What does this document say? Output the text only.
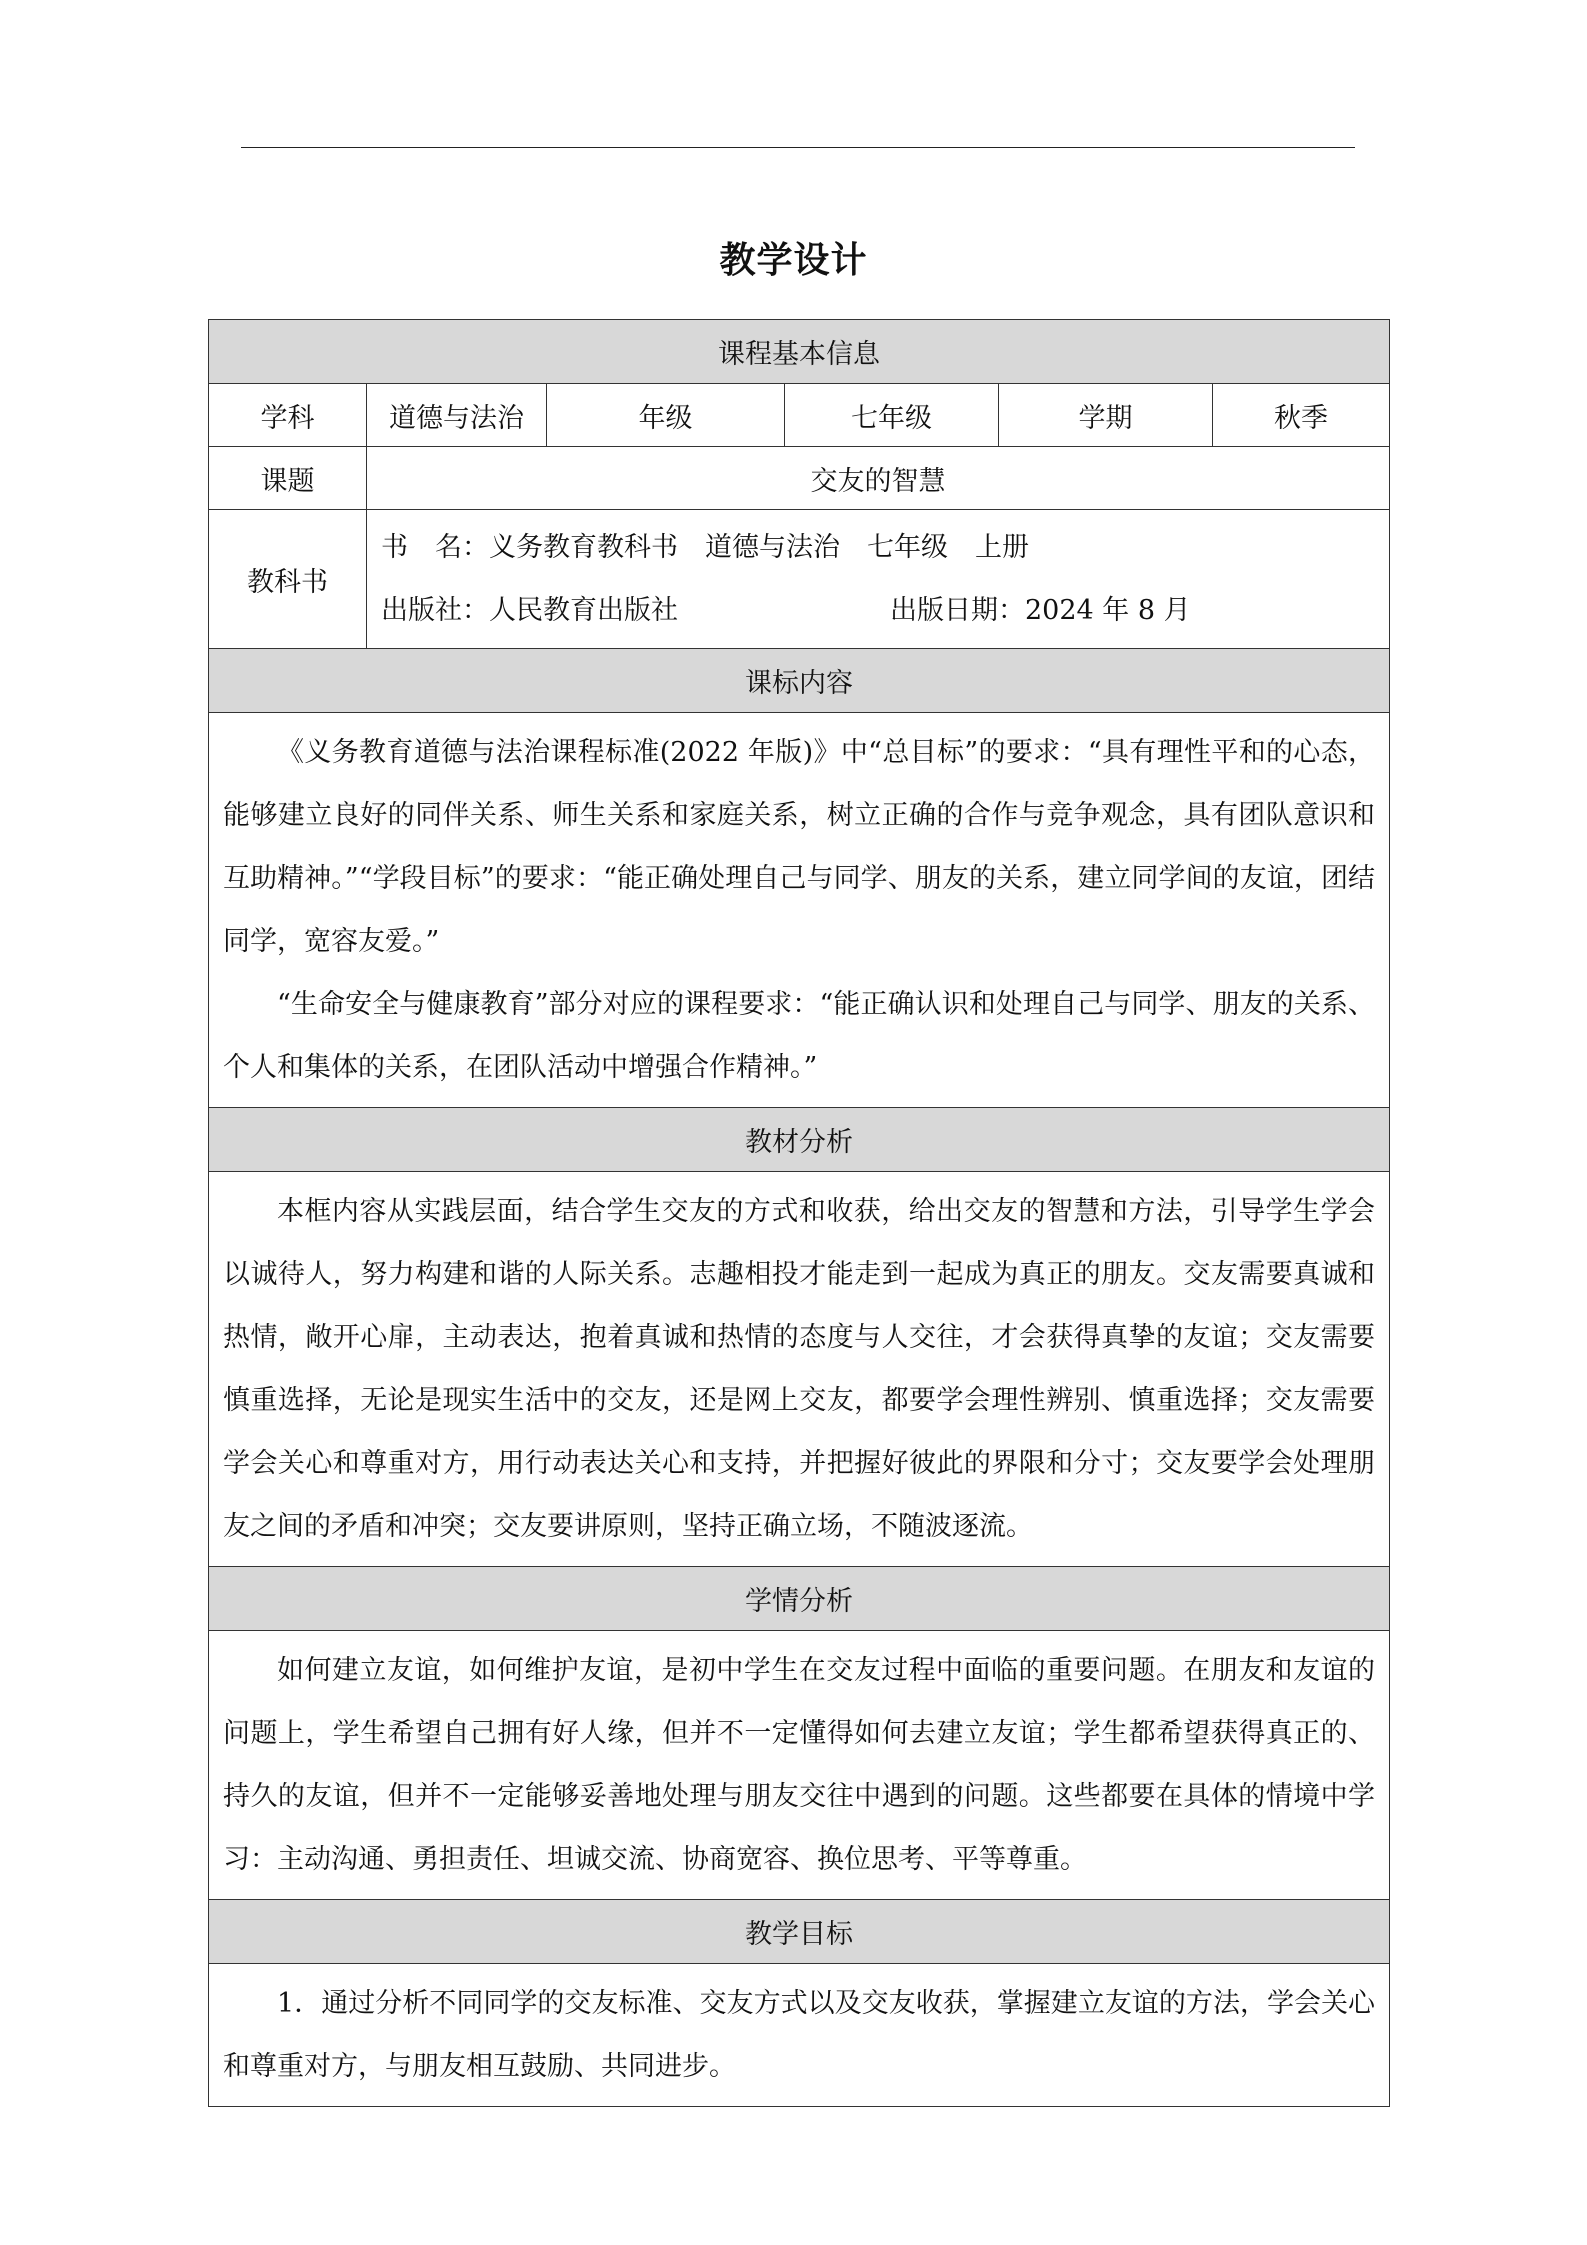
教学设计
课程基本信息					
学科	道德与法治	年级	七年级	学期	秋季
课题	交友的智慧				
教科书	书　名：义务教育教科书　道德与法治　七年级　上册
出版社：人民教育出版社 出版日期：2024 年 8 月				

课标内容					

《义务教育道德与法治课程标准(2022 年版)》中“总目标”的要求：“具有理性平和的心态，能够建立良好的同伴关系、师生关系和家庭关系，树立正确的合作与竞争观念，具有团队意识和互助精神。”“学段目标”的要求：“能正确处理自己与同学、朋友的关系，建立同学间的友谊，团结同学，宽容友爱。”

“生命安全与健康教育”部分对应的课程要求：“能正确认识和处理自己与同学、朋友的关系、个人和集体的关系，在团队活动中增强合作精神。”					

教材分析					

本框内容从实践层面，结合学生交友的方式和收获，给出交友的智慧和方法，引导学生学会以诚待人，努力构建和谐的人际关系。志趣相投才能走到一起成为真正的朋友。交友需要真诚和热情，敞开心扉，主动表达，抱着真诚和热情的态度与人交往，才会获得真挚的友谊；交友需要慎重选择，无论是现实生活中的交友，还是网上交友，都要学会理性辨别、慎重选择；交友需要学会关心和尊重对方，用行动表达关心和支持，并把握好彼此的界限和分寸；交友要学会处理朋友之间的矛盾和冲突；交友要讲原则，坚持正确立场，不随波逐流。					

学情分析					

如何建立友谊，如何维护友谊，是初中学生在交友过程中面临的重要问题。在朋友和友谊的问题上，学生希望自己拥有好人缘，但并不一定懂得如何去建立友谊；学生都希望获得真正的、持久的友谊，但并不一定能够妥善地处理与朋友交往中遇到的问题。这些都要在具体的情境中学习：主动沟通、勇担责任、坦诚交流、协商宽容、换位思考、平等尊重。					

教学目标					

1．通过分析不同同学的交友标准、交友方式以及交友收获，掌握建立友谊的方法，学会关心和尊重对方，与朋友相互鼓励、共同进步。					
